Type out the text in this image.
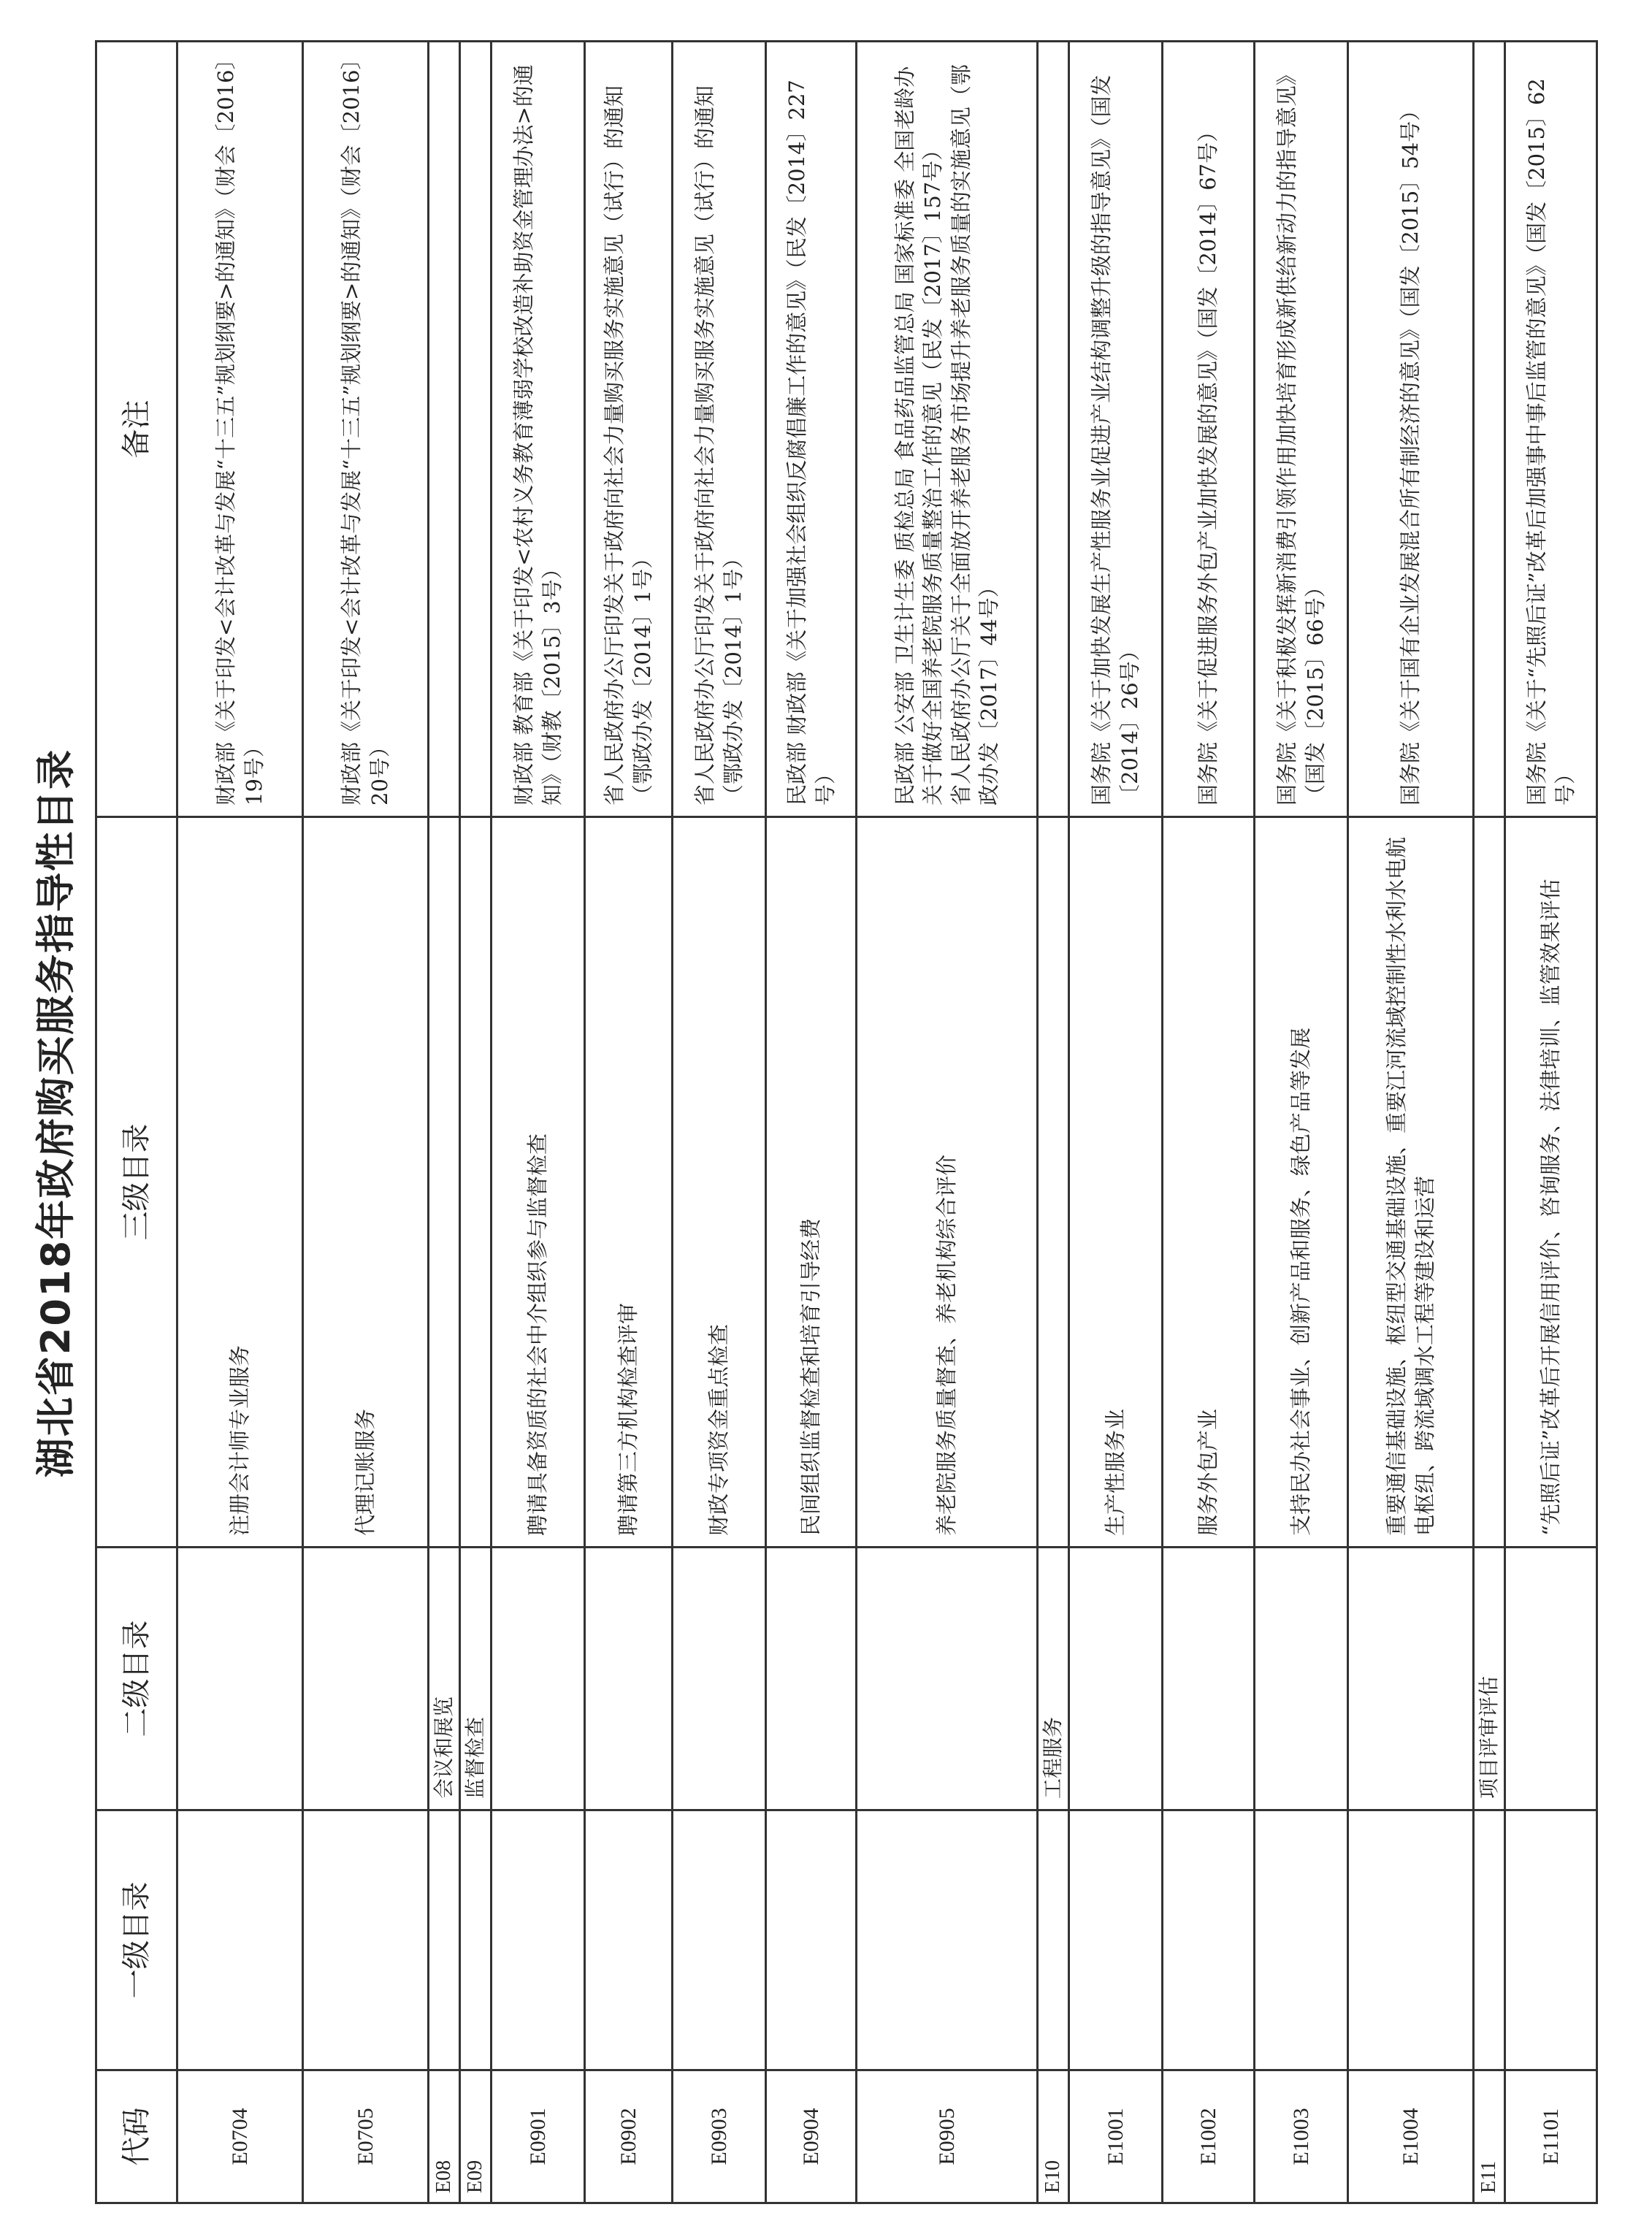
湖北省2018年政府购买服务指导性目录
代码	一级目录	二级目录	三级目录	备注
E0704			注册会计师专业服务	财政部《关于印发<会计改革与发展“十三五”规划纲要>的通知》（财会〔2016〕19号）
E0705			代理记账服务	财政部《关于印发<会计改革与发展“十三五”规划纲要>的通知》（财会〔2016〕20号）
E08		会议和展览		
E09		监督检查		
E0901			聘请具备资质的社会中介组织参与监督检查	财政部 教育部《关于印发<农村义务教育薄弱学校改造补助资金管理办法>的通知》（财教〔2015〕3号）
E0902			聘请第三方机构检查评审	省人民政府办公厅印发关于政府向社会力量购买服务实施意见（试行）的通知（鄂政办发〔2014〕1号）
E0903			财政专项资金重点检查	省人民政府办公厅印发关于政府向社会力量购买服务实施意见（试行）的通知（鄂政办发〔2014〕1号）
E0904			民间组织监督检查和培育引导经费	民政部 财政部《关于加强社会组织反腐倡廉工作的意见》（民发〔2014〕227号）
E0905			养老院服务质量督查、养老机构综合评价	民政部 公安部 卫生计生委 质检总局 食品药品监管总局 国家标准委 全国老龄办关于做好全国养老院服务质量整治工作的意见（民发〔2017〕157号）
省人民政府办公厅关于全面放开养老服务市场提升养老服务质量的实施意见（鄂政办发〔2017〕44号）
E10		工程服务		
E1001			生产性服务业	国务院《关于加快发展生产性服务业促进产业结构调整升级的指导意见》（国发〔2014〕26号）
E1002			服务外包产业	国务院《关于促进服务外包产业加快发展的意见》（国发〔2014〕67号）
E1003			支持民办社会事业、创新产品和服务、绿色产品等发展	国务院《关于积极发挥新消费引领作用加快培育形成新供给新动力的指导意见》（国发〔2015〕66号）
E1004			重要通信基础设施、枢纽型交通基础设施、重要江河流域控制性水利水电航电枢纽、跨流域调水工程等建设和运营	国务院《关于国有企业发展混合所有制经济的意见》（国发〔2015〕54号）
E11		项目评审评估		
E1101			“先照后证”改革后开展信用评价、咨询服务、法律培训、监管效果评估	国务院《关于“先照后证”改革后加强事中事后监管的意见》（国发〔2015〕62号）
